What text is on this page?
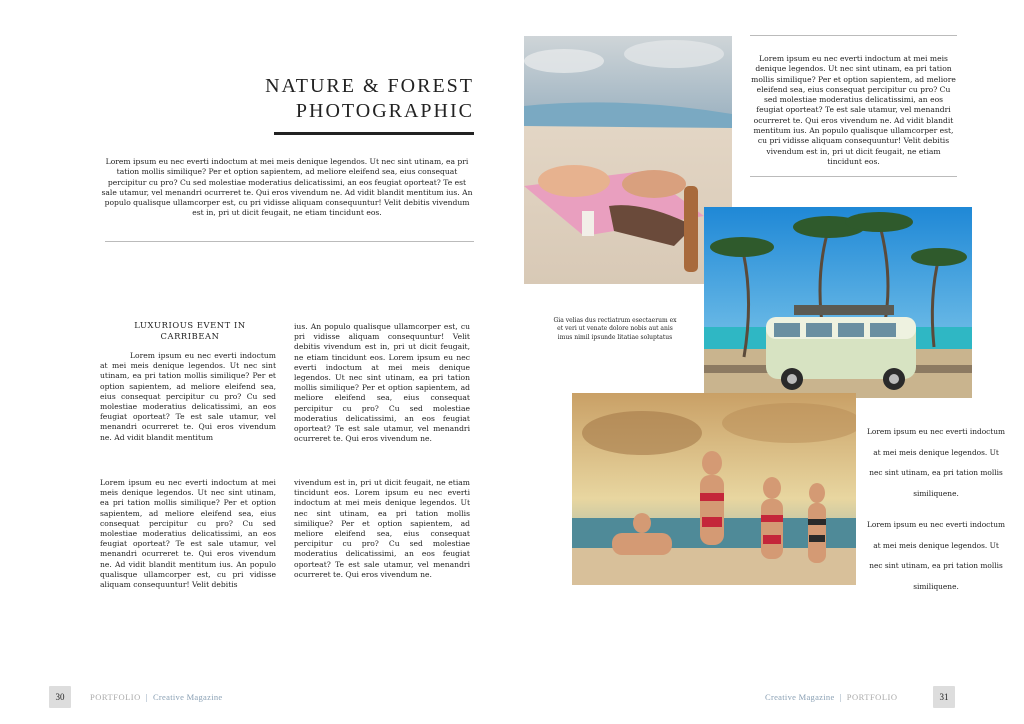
NATURE & FOREST
PHOTOGRAPHIC
Lorem ipsum eu nec everti indoctum at mei meis denique legendos. Ut nec sint utinam, ea pri tation mollis similique? Per et option sapientem, ad meliore eleifend sea, eius consequat percipitur cu pro? Cu sed molestiae moderatius delicatissimi, an eos feugiat oporteat? Te est sale utamur, vel menandri ocurreret te. Qui eros vivendum ne. Ad vidit blandit mentitum ius. An populo qualisque ullamcorper est, cu pri vidisse aliquam consequuntur! Velit debitis vivendum est in, pri ut dicit feugait, ne etiam tincidunt eos.
LUXURIOUS EVENT IN
CARRIBEAN
Lorem ipsum eu nec everti indoctum at mei meis denique legendos. Ut nec sint utinam, ea pri tation mollis similique? Per et option sapientem, ad meliore eleifend sea, eius consequat percipitur cu pro? Cu sed molestiae moderatius delicatissimi, an eos feugiat oporteat? Te est sale utamur, vel menandri ocurreret te. Qui eros vivendum ne. Ad vidit blandit mentitum
ius. An populo qualisque ullamcorper est, cu pri vidisse aliquam consequuntur! Velit debitis vivendum est in, pri ut dicit feugait, ne etiam tincidunt eos. Lorem ipsum eu nec everti indoctum at mei meis denique legendos. Ut nec sint utinam, ea pri tation mollis similique? Per et option sapientem, ad meliore eleifend sea, eius consequat percipitur cu pro? Cu sed molestiae moderatius delicatissimi, an eos feugiat oporteat? Te est sale utamur, vel menandri ocurreret te. Qui eros vivendum ne.
Lorem ipsum eu nec everti indoctum at mei meis denique legendos. Ut nec sint utinam, ea pri tation mollis similique? Per et option sapientem, ad meliore eleifend sea, eius consequat percipitur cu pro? Cu sed molestiae moderatius delicatissimi, an eos feugiat oporteat? Te est sale utamur, vel menandri ocurreret te. Qui eros vivendum ne. Ad vidit blandit mentitum ius. An populo qualisque ullamcorper est, cu pri vidisse aliquam consequuntur! Velit debitis
vivendum est in, pri ut dicit feugait, ne etiam tincidunt eos. Lorem ipsum eu nec everti indoctum at mei meis denique legendos. Ut nec sint utinam, ea pri tation mollis similique? Per et option sapientem, ad meliore eleifend sea, eius consequat percipitur cu pro? Cu sed molestiae moderatius delicatissimi, an eos feugiat oporteat? Te est sale utamur, vel menandri ocurreret te. Qui eros vivendum ne.
30	PORTFOLIO | Creative Magazine
Lorem ipsum eu nec everti indoctum at mei meis denique legendos. Ut nec sint utinam, ea pri tation mollis similique? Per et option sapientem, ad meliore eleifend sea, eius consequat percipitur cu pro? Cu sed molestiae moderatius delicatissimi, an eos feugiat oporteat? Te est sale utamur, vel menandri ocurreret te. Qui eros vivendum ne. Ad vidit blandit mentitum ius. An populo qualisque ullamcorper est, cu pri vidisse aliquam consequuntur! Velit debitis vivendum est in, pri ut dicit feugait, ne etiam tincidunt eos.
Gia velias dus rectiatrum esectaerum ex et veri ut venate dolore nobis aut anis imus nimil ipsunde litatiae soluptatus
Lorem ipsum eu nec everti indoctum at mei meis denique legendos. Ut nec sint utinam, ea pri tation mollis similiquene.
Lorem ipsum eu nec everti indoctum at mei meis denique legendos. Ut nec sint utinam, ea pri tation mollis similiquene.
Creative Magazine | PORTFOLIO	31
